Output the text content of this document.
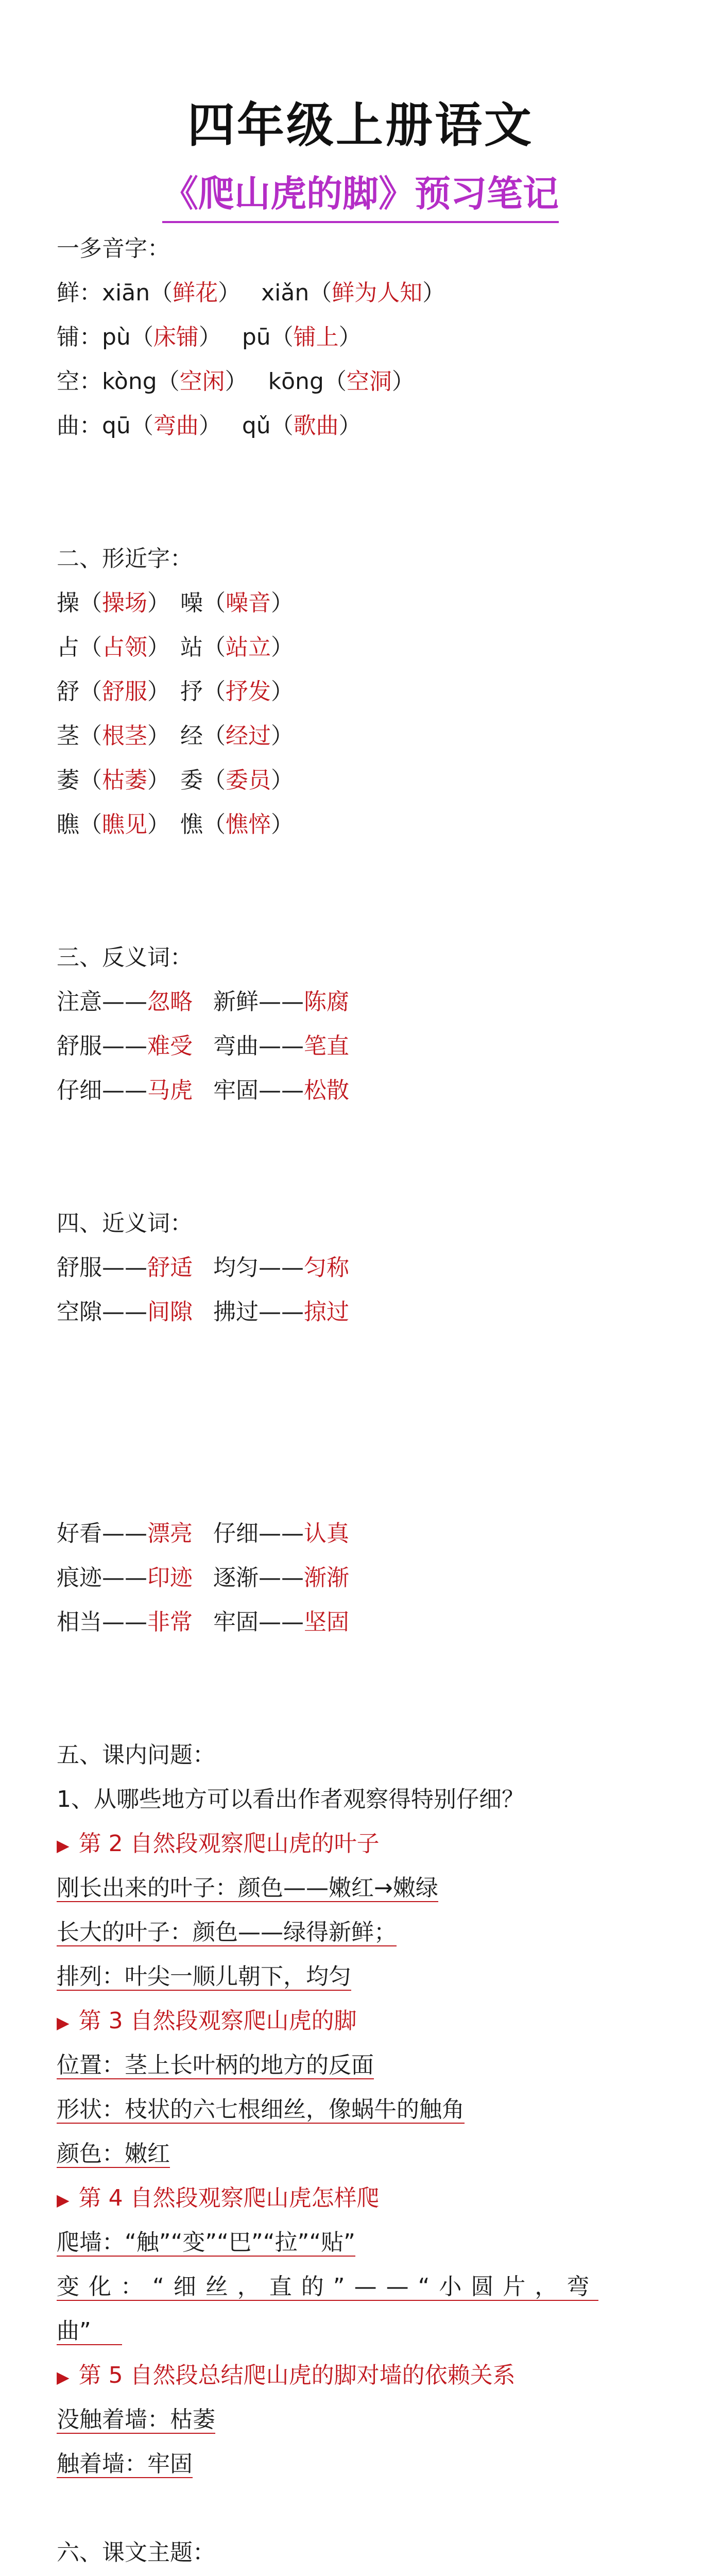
四年级上册语文
《爬山虎的脚》预习笔记
一多音字：
鲜：xiān（鲜花） xiǎn（鲜为人知）
铺：pù（床铺） pū（铺上）
空：kòng（空闲） kōng（空洞）
曲：qū（弯曲） qǔ（歌曲）
二、形近字：
操（操场） 噪（噪音）
占（占领） 站（站立）
舒（舒服） 抒（抒发）
茎（根茎） 经（经过）
萎（枯萎） 委（委员）
瞧（瞧见） 憔（憔悴）
三、反义词：
注意——忽略 新鲜——陈腐
舒服——难受 弯曲——笔直
仔细——马虎 牢固——松散
四、近义词：
舒服——舒适 均匀——匀称
空隙——间隙 拂过——掠过
好看——漂亮 仔细——认真
痕迹——印迹 逐渐——渐渐
相当——非常 牢固——坚固
五、课内问题：
1、从哪些地方可以看出作者观察得特别仔细？
▶ 第 2 自然段观察爬山虎的叶子
刚长出来的叶子：颜色——嫩红→嫩绿
长大的叶子：颜色——绿得新鲜；
排列：叶尖一顺儿朝下，均匀
▶ 第 3 自然段观察爬山虎的脚
位置：茎上长叶柄的地方的反面
形状：枝状的六七根细丝，像蜗牛的触角
颜色：嫩红
▶ 第 4 自然段观察爬山虎怎样爬
爬墙：“触”“变”“巴”“拉”“贴”
变化：“细丝，直的”——“小圆片，弯
曲”
▶ 第 5 自然段总结爬山虎的脚对墙的依赖关系
没触着墙：枯萎
触着墙：牢固
六、课文主题：
